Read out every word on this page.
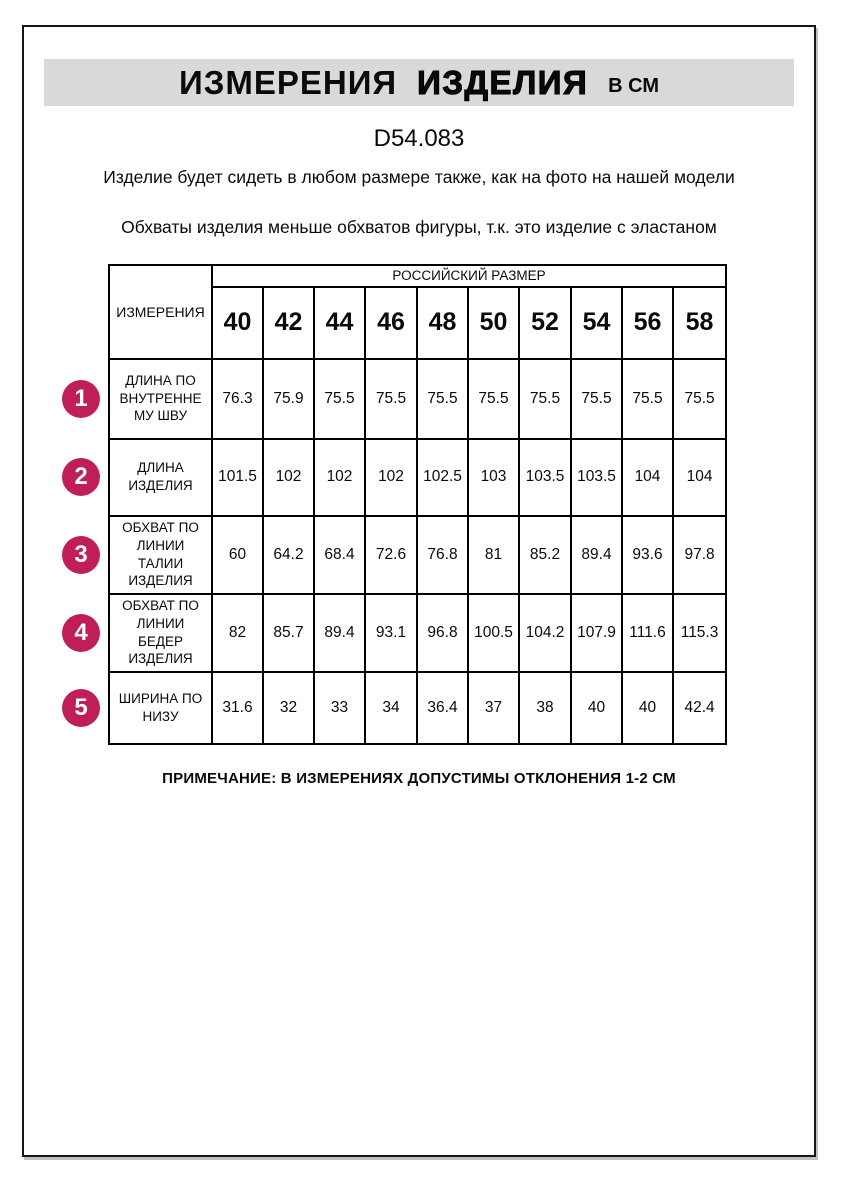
ИЗМЕРЕНИЯ ИЗДЕЛИЯ В СМ
D54.083

Изделие будет сидеть в любом размере также, как на фото на нашей модели

Обхваты изделия меньше обхватов фигуры, т.к. это изделие с эластаном

	ИЗМЕРЕНИЯ	РОССИЙСКИЙ РАЗМЕР									
		40	42	44	46	48	50	52	54	56	58
1	ДЛИНА ПО ВНУТРЕННЕМУ ШВУ	76.3	75.9	75.5	75.5	75.5	75.5	75.5	75.5	75.5	75.5
2	ДЛИНА ИЗДЕЛИЯ	101.5	102	102	102	102.5	103	103.5	103.5	104	104
3	ОБХВАТ ПО ЛИНИИ ТАЛИИ ИЗДЕЛИЯ	60	64.2	68.4	72.6	76.8	81	85.2	89.4	93.6	97.8
4	ОБХВАТ ПО ЛИНИИ БЕДЕР ИЗДЕЛИЯ	82	85.7	89.4	93.1	96.8	100.5	104.2	107.9	111.6	115.3
5	ШИРИНА ПО НИЗУ	31.6	32	33	34	36.4	37	38	40	40	42.4

ПРИМЕЧАНИЕ: В ИЗМЕРЕНИЯХ ДОПУСТИМЫ ОТКЛОНЕНИЯ 1-2 СМ
